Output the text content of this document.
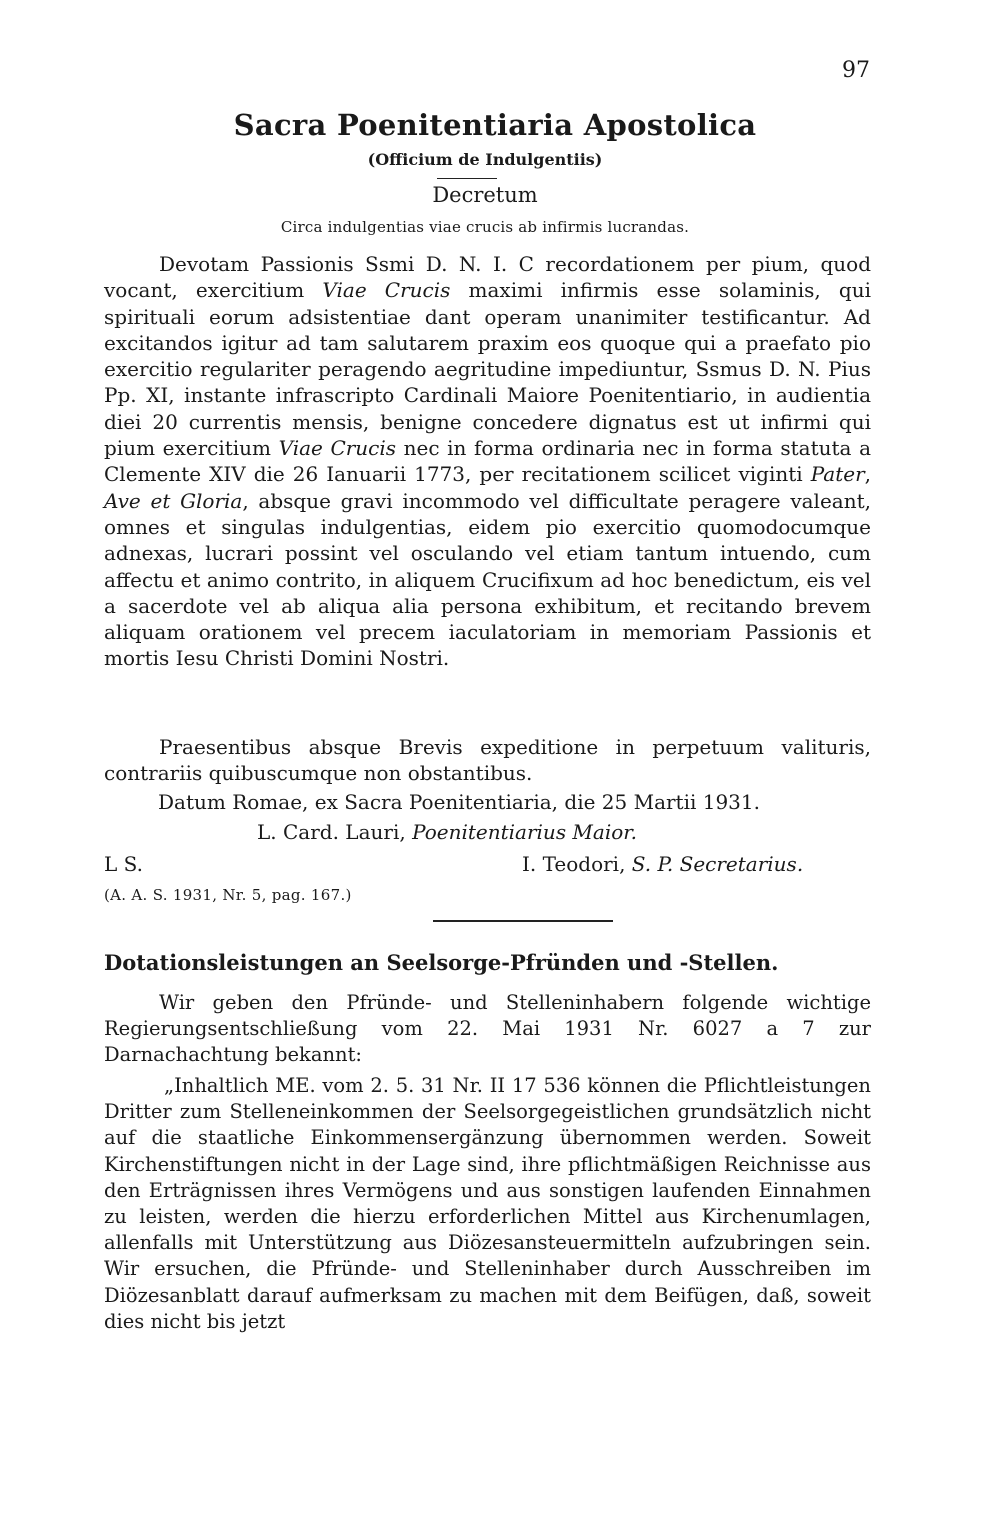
97
Sacra Poenitentiaria Apostolica
(Officium de Indulgentiis)
Decretum
Circa indulgentias viae crucis ab infirmis lucrandas.

Devotam Passionis Ssmi D. N. I. C recordationem per pium, quod vocant, exercitium Viae Crucis maximi infirmis esse solaminis, qui spirituali eorum adsistentiae dant operam unanimiter testificantur. Ad excitandos igitur ad tam salutarem praxim eos quoque qui a praefato pio exercitio regulariter peragendo aegritudine impediuntur, Ssmus D. N. Pius Pp. XI, instante infrascripto Cardinali Maiore Poenitentiario, in audientia diei 20 currentis mensis, benigne concedere dignatus est ut infirmi qui pium exercitium Viae Crucis nec in forma ordinaria nec in forma statuta a Clemente XIV die 26 Ianuarii 1773, per recitationem scilicet viginti Pater, Ave et Gloria, absque gravi incommodo vel difficultate peragere valeant, omnes et singulas indulgentias, eidem pio exercitio quomodocumque adnexas, lucrari possint vel osculando vel etiam tantum intuendo, cum affectu et animo contrito, in aliquem Crucifixum ad hoc benedictum, eis vel a sacerdote vel ab aliqua alia persona exhibitum, et recitando brevem aliquam orationem vel precem iaculatoriam in memoriam Passionis et mortis Iesu Christi Domini Nostri.

Praesentibus absque Brevis expeditione in perpetuum valituris, contrariis quibuscumque non obstantibus.

Datum Romae, ex Sacra Poenitentiaria, die 25 Martii 1931.
L. Card. Lauri, Poenitentiarius Maior.
L S.	I. Teodori, S. P. Secretarius.
(A. A. S. 1931, Nr. 5, pag. 167.)
Dotationsleistungen an Seelsorge-Pfründen und -Stellen.

Wir geben den Pfründe- und Stelleninhabern folgende wichtige Regierungsentschließung vom 22. Mai 1931 Nr. 6027 a 7 zur Darnachachtung bekannt:

„Inhaltlich ME. vom 2. 5. 31 Nr. II 17 536 können die Pflichtleistungen Dritter zum Stelleneinkommen der Seelsorgegeistlichen grundsätzlich nicht auf die staatliche Einkommensergänzung übernommen werden. Soweit Kirchenstiftungen nicht in der Lage sind, ihre pflichtmäßigen Reichnisse aus den Erträgnissen ihres Vermögens und aus sonstigen laufenden Einnahmen zu leisten, werden die hierzu erforderlichen Mittel aus Kirchenumlagen, allenfalls mit Unterstützung aus Diözesansteuermitteln aufzubringen sein. Wir ersuchen, die Pfründe- und Stelleninhaber durch Ausschreiben im Diözesanblatt darauf aufmerksam zu machen mit dem Beifügen, daß, soweit dies nicht bis jetzt
